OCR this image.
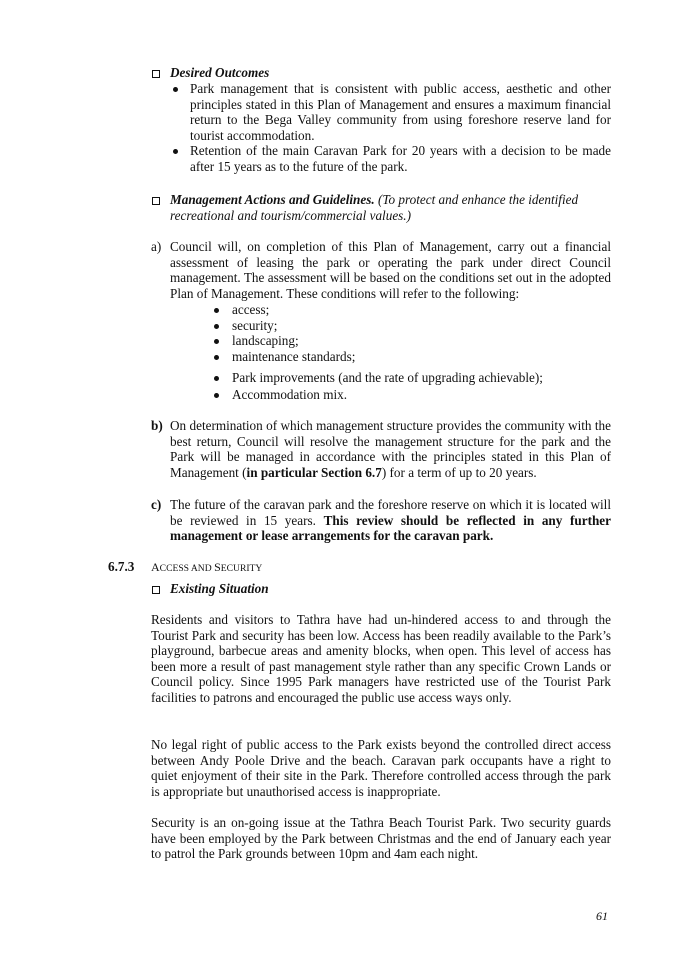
Desired Outcomes
Park management that is consistent with public access, aesthetic and other principles stated in this Plan of Management and ensures a maximum financial return to the Bega Valley community from using foreshore reserve land for tourist accommodation.
Retention of the main Caravan Park for 20 years with a decision to be made after 15 years as to the future of the park.
Management Actions and Guidelines. (To protect and enhance the identified recreational and tourism/commercial values.)
a) Council will, on completion of this Plan of Management, carry out a financial assessment of leasing the park or operating the park under direct Council management. The assessment will be based on the conditions set out in the adopted Plan of Management. These conditions will refer to the following:
access;
security;
landscaping;
maintenance standards;
Park improvements (and the rate of upgrading achievable);
Accommodation mix.
b) On determination of which management structure provides the community with the best return, Council will resolve the management structure for the park and the Park will be managed in accordance with the principles stated in this Plan of Management (in particular Section 6.7) for a term of up to 20 years.
c) The future of the caravan park and the foreshore reserve on which it is located will be reviewed in 15 years. This review should be reflected in any further management or lease arrangements for the caravan park.
6.7.3 ACCESS AND SECURITY
Existing Situation
Residents and visitors to Tathra have had un-hindered access to and through the Tourist Park and security has been low. Access has been readily available to the Park’s playground, barbecue areas and amenity blocks, when open. This level of access has been more a result of past management style rather than any specific Crown Lands or Council policy. Since 1995 Park managers have restricted use of the Tourist Park facilities to patrons and encouraged the public use access ways only.
No legal right of public access to the Park exists beyond the controlled direct access between Andy Poole Drive and the beach. Caravan park occupants have a right to quiet enjoyment of their site in the Park. Therefore controlled access through the park is appropriate but unauthorised access is inappropriate.
Security is an on-going issue at the Tathra Beach Tourist Park. Two security guards have been employed by the Park between Christmas and the end of January each year to patrol the Park grounds between 10pm and 4am each night.
61
